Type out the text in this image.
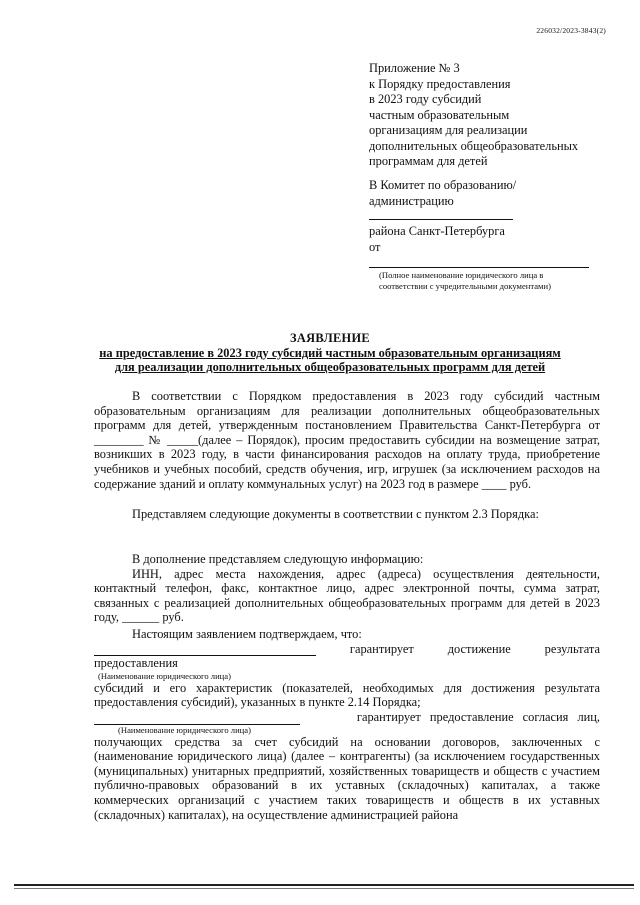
226032/2023-3843(2)
Приложение № 3
к Порядку предоставления
в 2023 году субсидий
частным образовательным
организациям для реализации
дополнительных общеобразовательных
программам для детей
В Комитет по образованию/
администрацию
района Санкт-Петербурга
от
(Полное наименование юридического лица в соответствии с учредительными документами)
ЗАЯВЛЕНИЕ
на предоставление в 2023 году субсидий частным образовательным организациям
для реализации дополнительных общеобразовательных программ для детей
В соответствии с Порядком предоставления в 2023 году субсидий частным образовательным организациям для реализации дополнительных общеобразовательных программ для детей, утвержденным постановлением Правительства Санкт-Петербурга от ________ № _____(далее – Порядок), просим предоставить субсидии на возмещение затрат, возникших в 2023 году, в части финансирования расходов на оплату труда, приобретение учебников и учебных пособий, средств обучения, игр, игрушек (за исключением расходов на содержание зданий и оплату коммунальных услуг) на 2023 год в размере ____ руб.
Представляем следующие документы в соответствии с пунктом 2.3 Порядка:
В дополнение представляем следующую информацию:
ИНН, адрес места нахождения, адрес (адреса) осуществления деятельности, контактный телефон, факс, контактное лицо, адрес электронной почты, сумма затрат, связанных с реализацией дополнительных общеобразовательных программ для детей в 2023 году, ______ руб.
Настоящим заявлением подтверждаем, что:
гарантирует	достижение	результата
предоставления
(Наименование юридического лица)
субсидий и его характеристик (показателей, необходимых для достижения результата предоставления субсидий), указанных в пункте 2.14 Порядка;
гарантирует предоставление согласия лиц,
(Наименование юридического лица)
получающих средства за счет субсидий на основании договоров, заключенных с (наименование юридического лица) (далее – контрагенты) (за исключением государственных (муниципальных) унитарных предприятий, хозяйственных товариществ и обществ с участием публично-правовых образований в их уставных (складочных) капиталах, а также коммерческих организаций с участием таких товариществ и обществ в их уставных (складочных) капиталах), на осуществление администрацией района
